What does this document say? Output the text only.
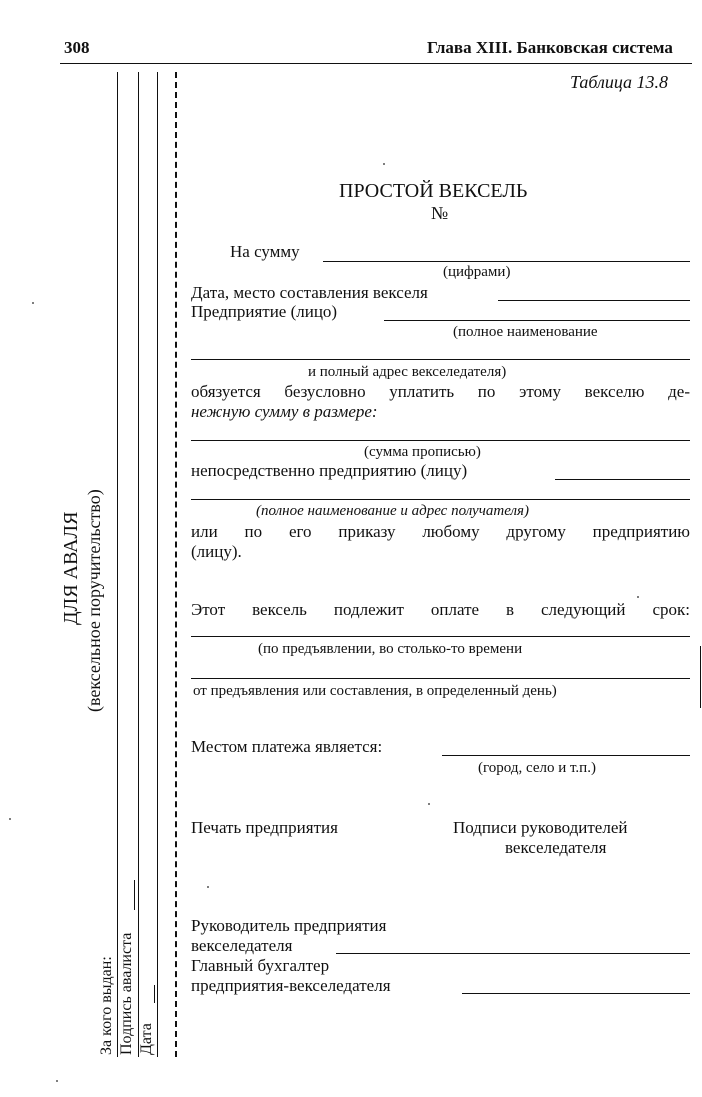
308	Глава XIII. Банковская система
Таблица 13.8
ДЛЯ АВАЛЯ (вексельное поручительство)
За кого выдан: Подпись авалиста Дата
ПРОСТОЙ ВЕКСЕЛЬ
№
На сумму
(цифрами)
Дата, место составления векселя
Предприятие (лицо)
(полное наименование
и полный адрес векселедателя)
обязуется безусловно уплатить по этому векселю де-
нежную сумму в размере:
(сумма прописью)
непосредственно предприятию (лицу)
(полное наименование и адрес получателя)
или по его приказу любому другому предприятию
(лицу).
Этот вексель подлежит оплате в следующий срок:
(по предъявлении, во столько-то времени
от предъявления или составления, в определенный день)
Местом платежа является:
(город, село и т.п.)
Печать предприятия	Подписи руководителей
векселедателя
Руководитель предприятия
векселедателя
Главный бухгалтер
предприятия-векселедателя
